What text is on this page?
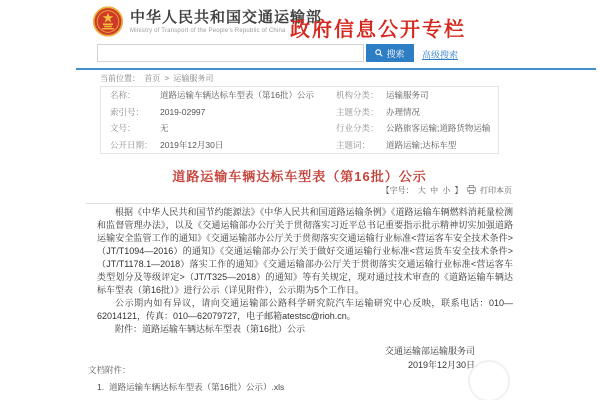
中华人民共和国交通运输部
Ministry of Transport of the People's Republic of China 政府信息公开专栏
搜索 高级搜索
当前位置： 首页 > 运输服务司
名称：	道路运输车辆达标车型表（第16批）公示	机构分类： 运输服务司
索引号：	2019-02997	主题分类： 办理情况
文号：	无	行业分类： 公路旅客运输;道路货物运输
公开日期： 2019年12月30日	主题词：	道路运输;达标车型
道路运输车辆达标车型表（第16批）公示
【字号： 大 中 小 】 打印本页

根据《中华人民共和国节约能源法》《中华人民共和国道路运输条例》《道路运输车辆燃料消耗量检测和监督管理办法》，以及《交通运输部办公厅关于贯彻落实习近平总书记重要指示批示精神切实加强道路运输安全监管工作的通知》《交通运输部办公厅关于贯彻落实交通运输行业标准<营运客车安全技术条件>（JT/T1094—2016）的通知》《交通运输部办公厅关于做好交通运输行业标准<营运货车安全技术条件>（JT/T1178.1—2018）落实工作的通知》《交通运输部办公厅关于贯彻落实交通运输行业标准<营运客车类型划分及等级评定>（JT/T325—2018）的通知》等有关规定，现对通过技术审查的《道路运输车辆达标车型表（第16批）》进行公示（详见附件），公示期为5个工作日。

公示期内如有异议，请向交通运输部公路科学研究院汽车运输研究中心反映，联系电话：010—62014121，传真：010—62079727，电子邮箱atestsc@rioh.cn。

附件：道路运输车辆达标车型表（第16批）公示

交通运输部运输服务司
2019年12月30日
文档附件：
1. 道路运输车辆达标车型表（第16批）公示）.xls
